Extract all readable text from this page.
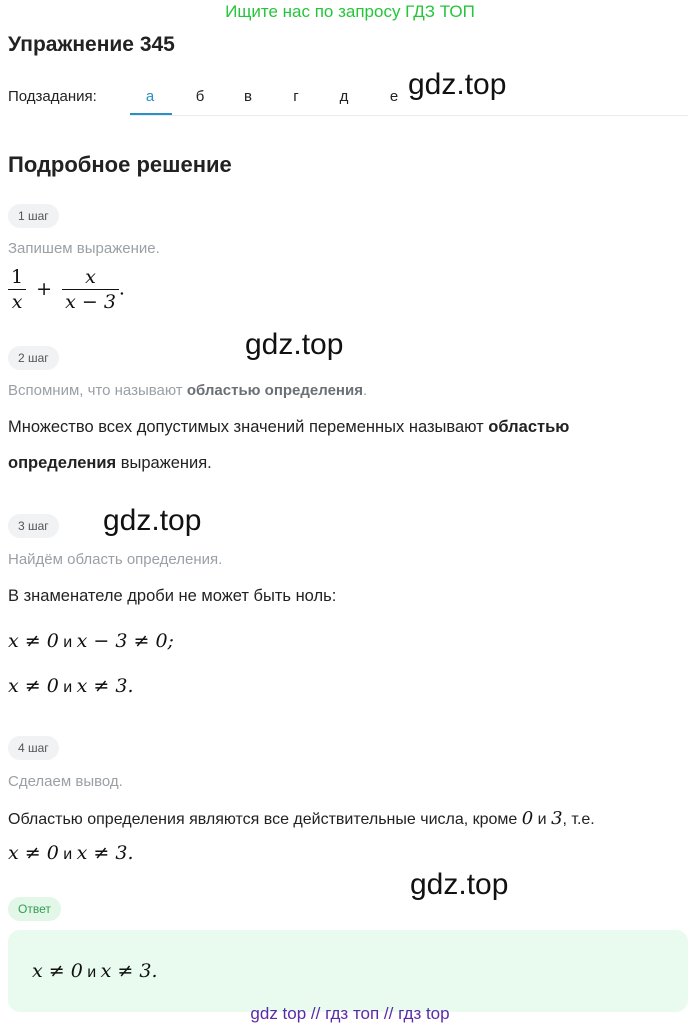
Ищите нас по запросу ГДЗ ТОП
Упражнение 345
Подзадания:	а	б	в	г	д	е gdz.top
Подробное решение
1 шаг
Запишем выражение.
$\frac{1}{x} + \frac{x}{x - 3}$ .
gdz.top
2 шаг
Вспомним, что называют областью определения.
Множество всех допустимых значений переменных называют областью
определения выражения.
3 шаг	gdz.top
Найдём область определения.
В знаменателе дроби не может быть ноль:
x ≠ 0 и x − 3 ≠ 0;
x ≠ 0 и x ≠ 3.
4 шаг
Сделаем вывод.
Областью определения являются все действительные числа, кроме 0 и 3, т.е.
x ≠ 0 и x ≠ 3.
gdz.top
Ответ
x ≠ 0 и x ≠ 3.
gdz top // гдз топ // гдз top
